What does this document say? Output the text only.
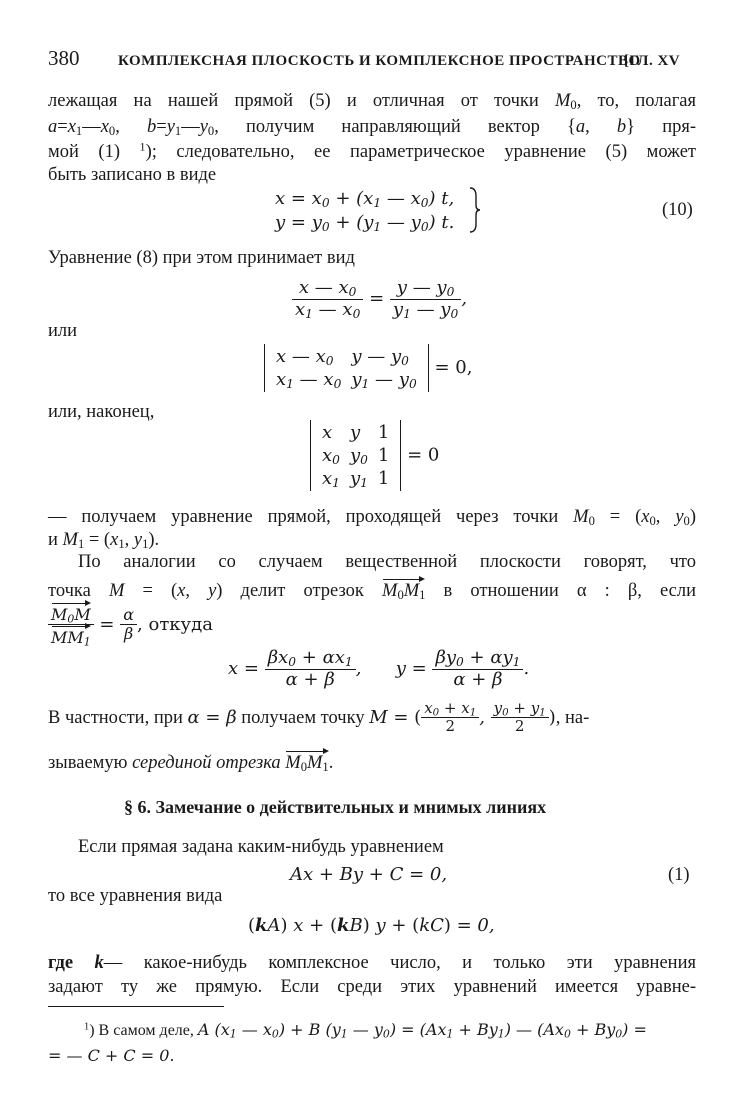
380	КОМПЛЕКСНАЯ ПЛОСКОСТЬ И КОМПЛЕКСНОЕ ПРОСТРАНСТВО
[ГЛ. XV
лежащая на нашей прямой (5) и отличная от точки $M_0$, то, полагая
$a=x_1—x_0$, $b=y_1—y_0$, получим направляющий вектор {a, b} пря-
мой (1) $^1$); следовательно, ее параметрическое уравнение (5) может
быть записано в виде
$x = x_0 + (x_1$ — $x_0$) t,
$y = y_0 + (y_1$ — $y_0$) t.
(10)
Уравнение (8) при этом принимает вид
$\frac{x — x_0}{x_1 — x_0} = \frac{y — y_0}{y_1 — y_0}$ ,
или
x — $x_0$	y — $y_0$
$x_1$ — $x_0$	$y_1$ — $y_0$
= 0,
или, наконец,
x	y	1
$x_0$	$y_0$	1
$x_1$	$y_1$	1
= 0
— получаем уравнение прямой, проходящей через точки $M_0 = (x_0$, $y_0$)
и $M_1 = (x_1$, $y_1$).
По аналогии со случаем вещественной плоскости говорят, что
точка M = (x, y) делит отрезок $M_0M_1$ в отношении α : β, если
$\frac{M_0M}{MM_1} = \frac{\alpha}{\beta}$ , откуда
$x = \frac{\beta x_0 + \alpha x_1}{\alpha + \beta}$ ,      $y = \frac{\beta y_0 + \alpha y_1}{\alpha + \beta}$ .
В частности, при α = β получаем точку M = ( $\frac{x_0 + x_1}{2}$ , $\frac{y_0 + y_1}{2}$ ), на-
зываемую серединой отрезка $M_0M_1$.
§ 6. Замечание о действительных и мнимых линиях
Если прямая задана каким-нибудь уравнением
Ax + By + C = 0,	(1)
то все уравнения вида
(kA) x + (kB) y + (kC) = 0,
где k— какое-нибудь комплексное число, и только эти уравнения
задают ту же прямую. Если среди этих уравнений имеется уравне-
$^1$) В самом деле, A ($x_1$ — $x_0) + B$ ($y_1$ — $y_0) = (Ax_1 + By_1)$ — $(Ax_0 + By_0)$ =
= — C + C = 0.
